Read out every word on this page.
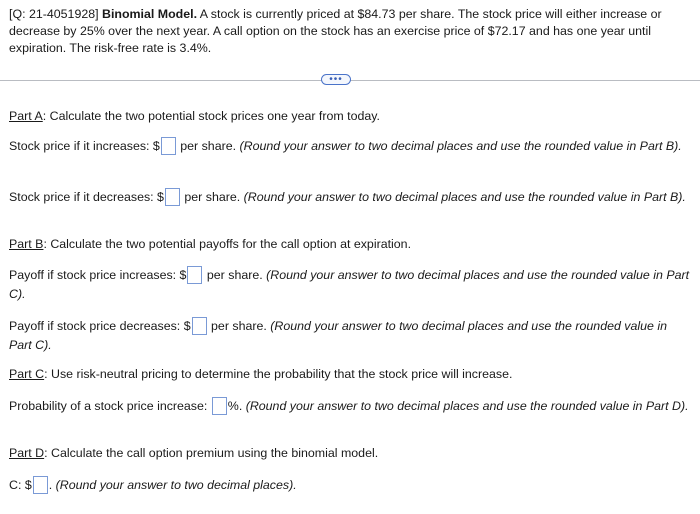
[Q: 21-4051928] Binomial Model. A stock is currently priced at $84.73 per share. The stock price will either increase or decrease by 25% over the next year. A call option on the stock has an exercise price of $72.17 and has one year until expiration. The risk-free rate is 3.4%.
•••
Part A: Calculate the two potential stock prices one year from today.
Stock price if it increases: $ per share. (Round your answer to two decimal places and use the rounded value in Part B).
Stock price if it decreases: $ per share. (Round your answer to two decimal places and use the rounded value in Part B).
Part B: Calculate the two potential payoffs for the call option at expiration.
Payoff if stock price increases: $ per share. (Round your answer to two decimal places and use the rounded value in Part C).
Payoff if stock price decreases: $ per share. (Round your answer to two decimal places and use the rounded value in Part C).
Part C: Use risk-neutral pricing to determine the probability that the stock price will increase.
Probability of a stock price increase: %. (Round your answer to two decimal places and use the rounded value in Part D).
Part D: Calculate the call option premium using the binomial model.
C: $ . (Round your answer to two decimal places).
